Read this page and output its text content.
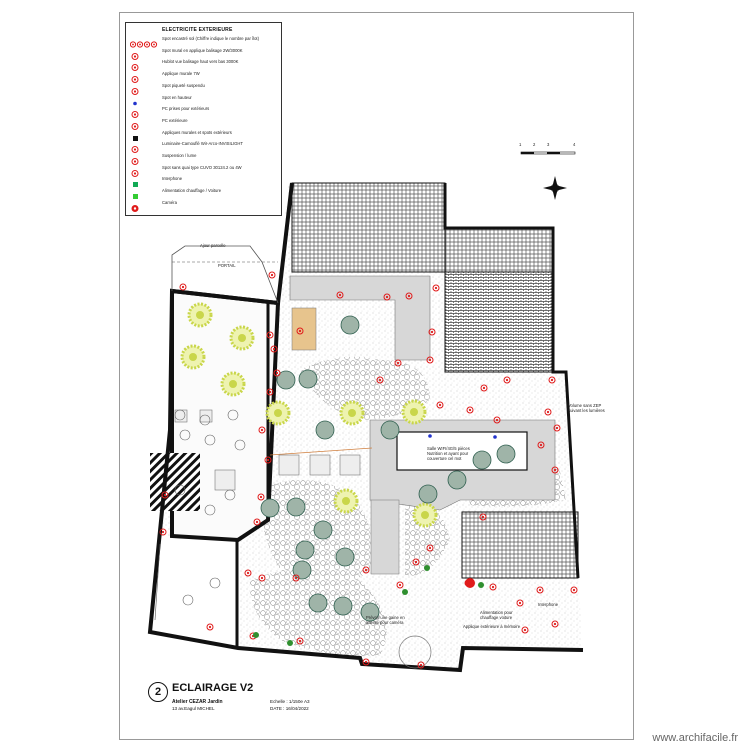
ELECTRICITE EXTERIEURE
Spot encastré sol (Chiffre indique le nombre par îlot)
Spot mural en applique balisage 2W/3000K
Hublot vue balisage haut vers bas 3000K
Applique murale 7W
Spot piqueté suspendu
Spot en hauteur
PC prises pour extérieurs
PC extérieure
Appliques murales et spots extérieurs
Luminaire-Camouflé Wir-Arco-INVISILIGHT
Suspension / lume
Spot sans quai type CUVO 30124.2 ou 4W
Interphone
Alimentation chauffage / Voiture
Caméra
1	2	3	4
Ajour parcelle
PORTAIL
Volume sans ZEP
suivant les lumières
Salle WIFI/4G/5 pièces
Nutrition et ayant pour
couverture cel mot
Alimentation pour
chauffage voiture
Applique extérieure à mémoire
Interphone
Prévoir une gaine en
attente pour caméra
2 ECLAIRAGE V2
Atelier CEZAR Jardin
13 av.Eagul MICHEL
Echelle : 1/150e A3
DATE : 16/04/2022
www.archifacile.fr
